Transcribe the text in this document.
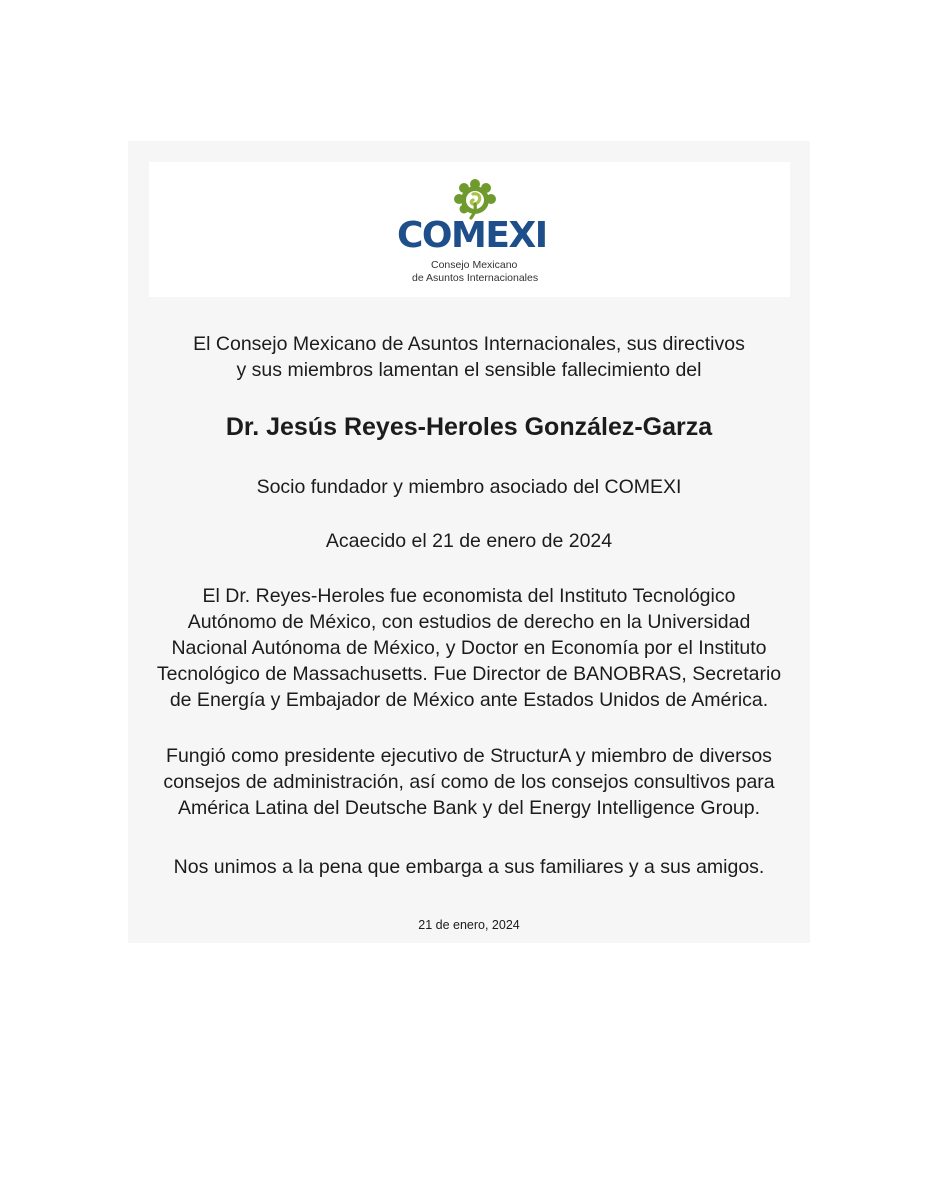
COMEXI
Consejo Mexicano
de Asuntos Internacionales
El Consejo Mexicano de Asuntos Internacionales, sus directivos
y sus miembros lamentan el sensible fallecimiento del
Dr. Jesús Reyes-Heroles González-Garza
Socio fundador y miembro asociado del COMEXI
Acaecido el 21 de enero de 2024
El Dr. Reyes-Heroles fue economista del Instituto Tecnológico
Autónomo de México, con estudios de derecho en la Universidad
Nacional Autónoma de México, y Doctor en Economía por el Instituto
Tecnológico de Massachusetts. Fue Director de BANOBRAS, Secretario
de Energía y Embajador de México ante Estados Unidos de América.
Fungió como presidente ejecutivo de StructurA y miembro de diversos
consejos de administración, así como de los consejos consultivos para
América Latina del Deutsche Bank y del Energy Intelligence Group.
Nos unimos a la pena que embarga a sus familiares y a sus amigos.
21 de enero, 2024
